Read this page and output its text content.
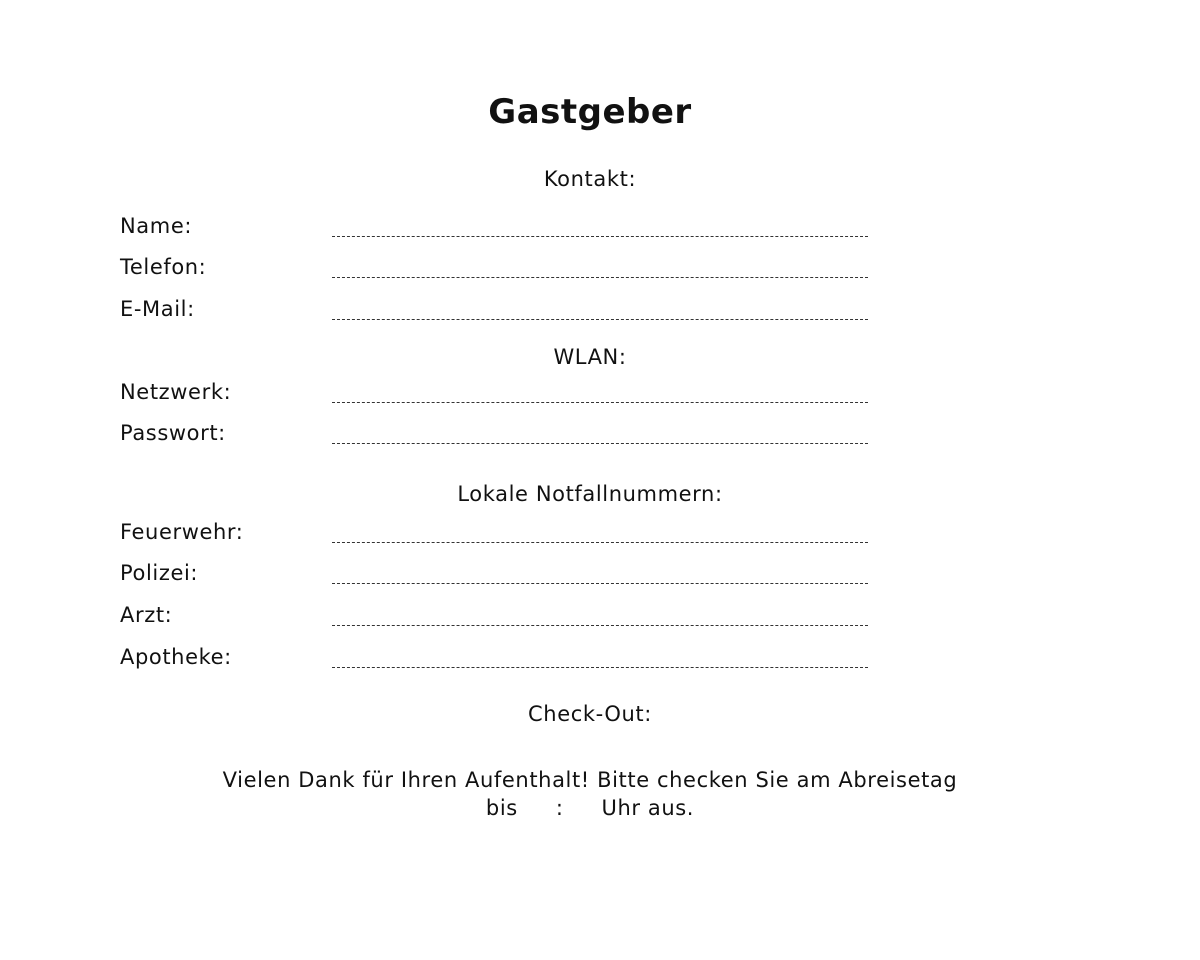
Gastgeber
Kontakt:
Name:
Telefon:
E-Mail:
WLAN:
Netzwerk:
Passwort:
Lokale Notfallnummern:
Feuerwehr:
Polizei:
Arzt:
Apotheke:
Check-Out:
Vielen Dank für Ihren Aufenthalt! Bitte checken Sie am Abreisetag
bis : Uhr aus.
